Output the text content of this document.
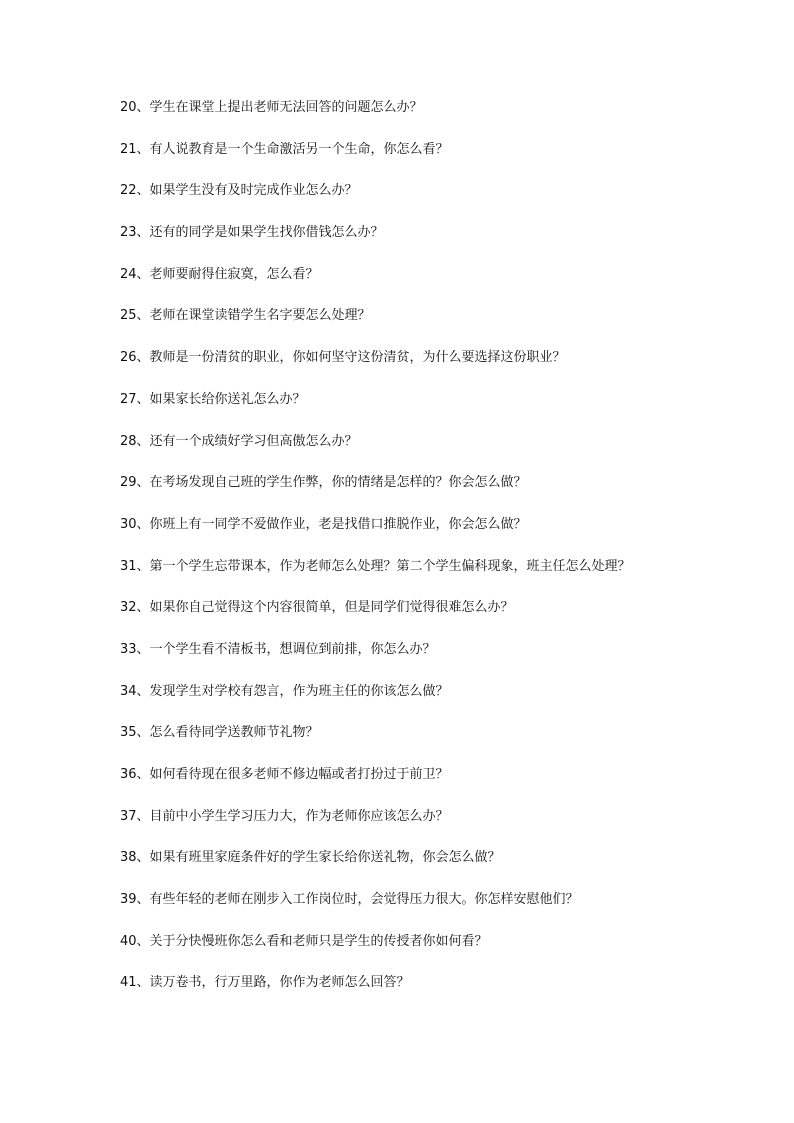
20、学生在课堂上提出老师无法回答的问题怎么办？
21、有人说教育是一个生命激活另一个生命，你怎么看？
22、如果学生没有及时完成作业怎么办？
23、还有的同学是如果学生找你借钱怎么办？
24、老师要耐得住寂寞，怎么看？
25、老师在课堂读错学生名字要怎么处理？
26、教师是一份清贫的职业，你如何坚守这份清贫，为什么要选择这份职业？
27、如果家长给你送礼怎么办？
28、还有一个成绩好学习但高傲怎么办？
29、在考场发现自己班的学生作弊，你的情绪是怎样的？你会怎么做？
30、你班上有一同学不爱做作业，老是找借口推脱作业，你会怎么做？
31、第一个学生忘带课本，作为老师怎么处理？第二个学生偏科现象，班主任怎么处理？
32、如果你自己觉得这个内容很简单，但是同学们觉得很难怎么办？
33、一个学生看不清板书，想调位到前排，你怎么办？
34、发现学生对学校有怨言，作为班主任的你该怎么做？
35、怎么看待同学送教师节礼物？
36、如何看待现在很多老师不修边幅或者打扮过于前卫？
37、目前中小学生学习压力大，作为老师你应该怎么办？
38、如果有班里家庭条件好的学生家长给你送礼物，你会怎么做？
39、有些年轻的老师在刚步入工作岗位时，会觉得压力很大。你怎样安慰他们？
40、关于分快慢班你怎么看和老师只是学生的传授者你如何看？
41、读万卷书，行万里路，你作为老师怎么回答？
